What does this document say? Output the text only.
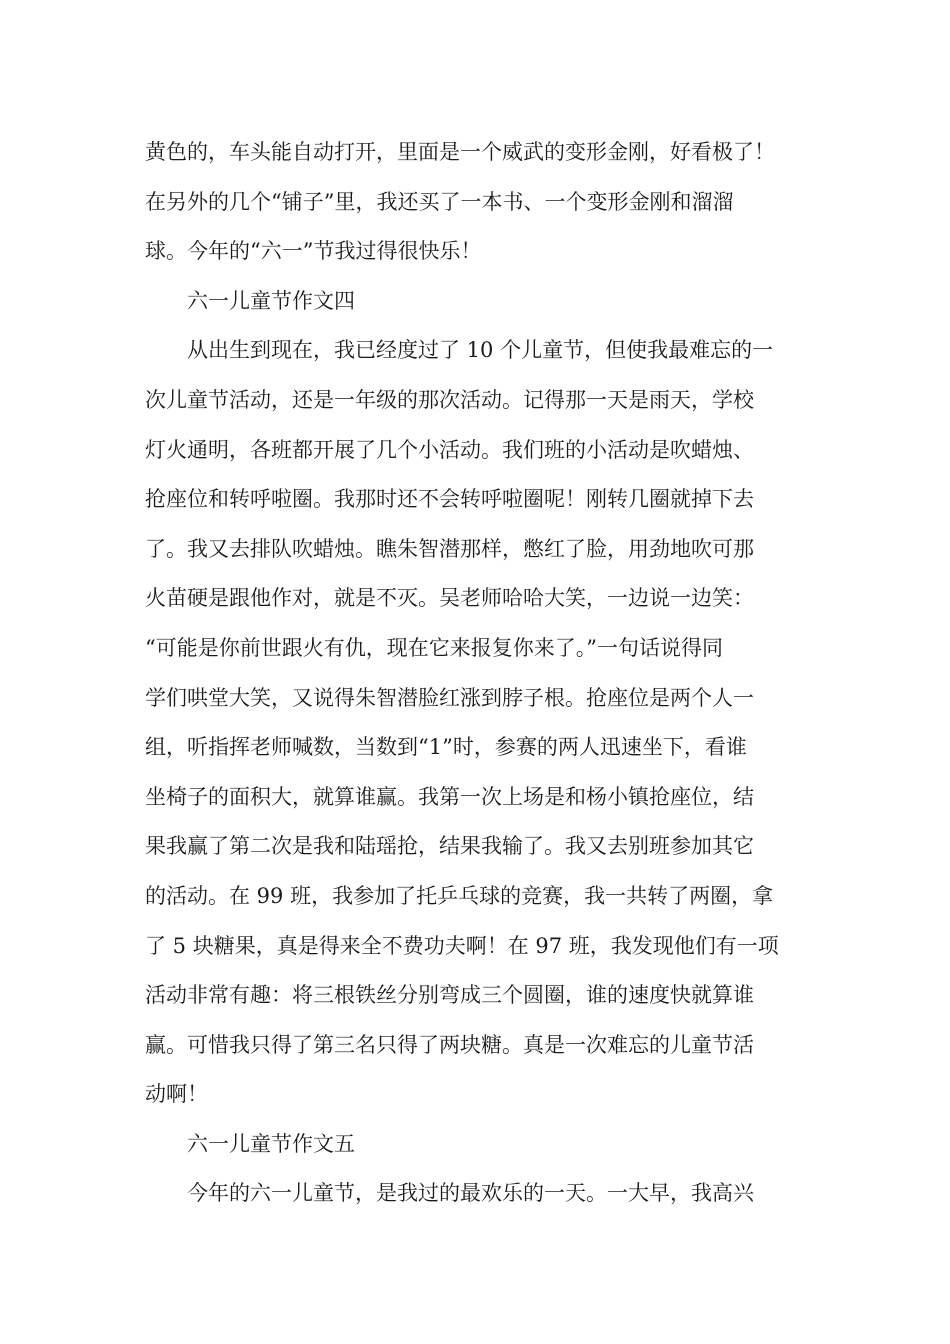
黄色的，车头能自动打开，里面是一个威武的变形金刚，好看极了！
在另外的几个“铺子”里，我还买了一本书、一个变形金刚和溜溜
球。今年的“六一”节我过得很快乐！
六一儿童节作文四
从出生到现在，我已经度过了 10 个儿童节，但使我最难忘的一
次儿童节活动，还是一年级的那次活动。记得那一天是雨天，学校
灯火通明，各班都开展了几个小活动。我们班的小活动是吹蜡烛、
抢座位和转呼啦圈。我那时还不会转呼啦圈呢！刚转几圈就掉下去
了。我又去排队吹蜡烛。瞧朱智潜那样，憋红了脸，用劲地吹可那
火苗硬是跟他作对，就是不灭。吴老师哈哈大笑，一边说一边笑：
“可能是你前世跟火有仇，现在它来报复你来了。”一句话说得同
学们哄堂大笑，又说得朱智潜脸红涨到脖子根。抢座位是两个人一
组，听指挥老师喊数，当数到“1”时，参赛的两人迅速坐下，看谁
坐椅子的面积大，就算谁赢。我第一次上场是和杨小镇抢座位，结
果我赢了第二次是我和陆瑶抢，结果我输了。我又去别班参加其它
的活动。在 99 班，我参加了托乒乓球的竞赛，我一共转了两圈，拿
了 5 块糖果，真是得来全不费功夫啊！在 97 班，我发现他们有一项
活动非常有趣：将三根铁丝分别弯成三个圆圈，谁的速度快就算谁
赢。可惜我只得了第三名只得了两块糖。真是一次难忘的儿童节活
动啊！
六一儿童节作文五
今年的六一儿童节，是我过的最欢乐的一天。一大早，我高兴
